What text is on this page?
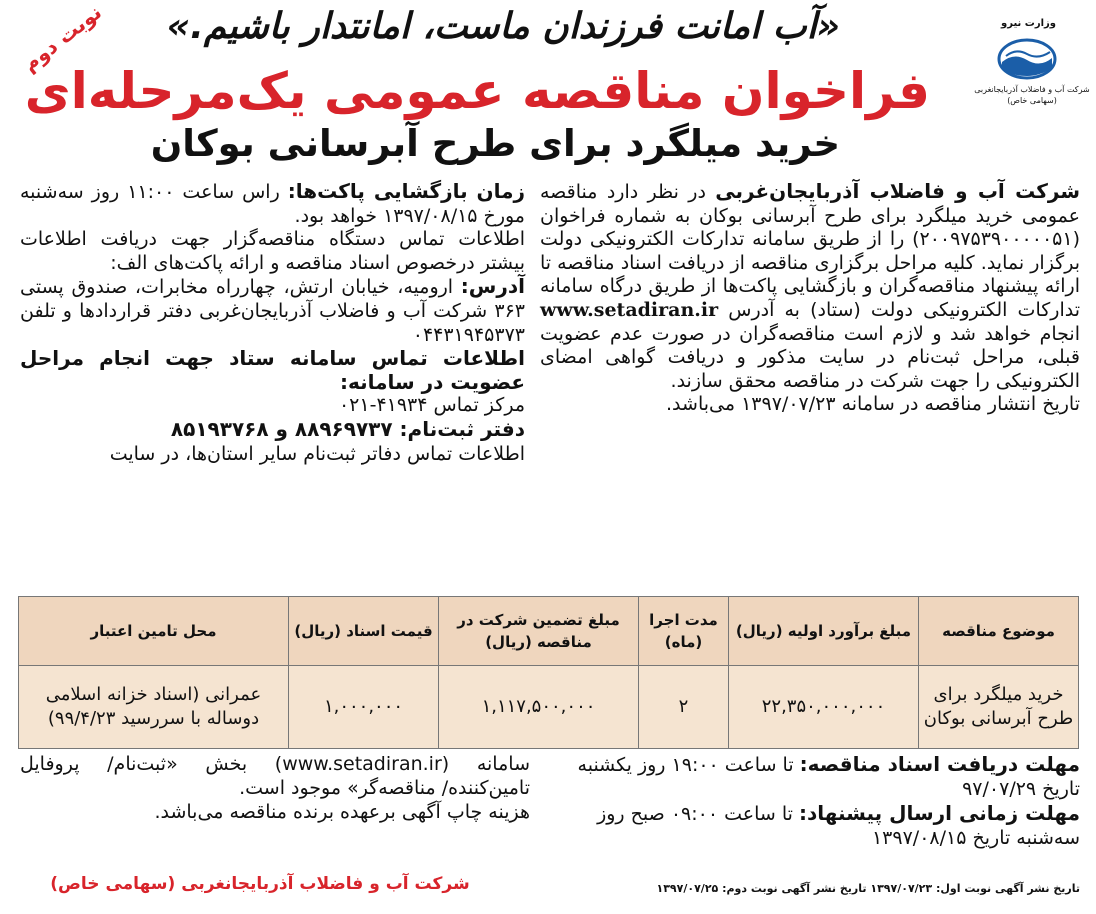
وزارت نیرو
شرکت آب و فاضلاب آذربایجانغربی
(سهامی خاص)
«آب امانت فرزندان ماست، امانتدار باشیم.»
نوبت دوم
فراخوان مناقصه عمومی یک‌مرحله‌ای
خرید میلگرد برای طرح آبرسانی بوکان

شرکت آب و فاضلاب آذربایجان‌غربی در نظر دارد مناقصه عمومی خرید میلگرد برای طرح آبرسانی بوکان به شماره فراخوان (۲۰۰۹۷۵۳۹۰۰۰۰۰۵۱) را از طریق سامانه تدارکات الکترونیکی دولت برگزار نماید. کلیه مراحل برگزاری مناقصه از دریافت اسناد مناقصه تا ارائه پیشنهاد مناقصه‌گران و بازگشایی پاکت‌ها از طریق درگاه سامانه تدارکات الکترونیکی دولت (ستاد) به آدرس www.setadiran.ir انجام خواهد شد و لازم است مناقصه‌گران در صورت عدم عضویت قبلی، مراحل ثبت‌نام در سایت مذکور و دریافت گواهی امضای الکترونیکی را جهت شرکت در مناقصه محقق سازند.

تاریخ انتشار مناقصه در سامانه ۱۳۹۷/۰۷/۲۳ می‌باشد.

زمان بازگشایی پاکت‌ها: راس ساعت ۱۱:۰۰ روز سه‌شنبه مورخ ۱۳۹۷/۰۸/۱۵ خواهد بود.

اطلاعات تماس دستگاه مناقصه‌گزار جهت دریافت اطلاعات بیشتر درخصوص اسناد مناقصه و ارائه پاکت‌های الف:

آدرس: ارومیه، خیابان ارتش، چهارراه مخابرات، صندوق پستی ۳۶۳ شرکت آب و فاضلاب آذربایجان‌غربی دفتر قراردادها و تلفن ۰۴۴۳۱۹۴۵۳۷۳

اطلاعات تماس سامانه ستاد جهت انجام مراحل عضویت در سامانه:

مرکز تماس ۴۱۹۳۴-۰۲۱

دفتر ثبت‌نام: ۸۸۹۶۹۷۳۷ و ۸۵۱۹۳۷۶۸

اطلاعات تماس دفاتر ثبت‌نام سایر استان‌ها، در سایت

موضوع مناقصه	مبلغ برآورد اولیه (ریال)	مدت اجرا (ماه)	مبلغ تضمین شرکت در مناقصه (ریال)	قیمت اسناد (ریال)	محل تامین اعتبار
خرید میلگرد برای طرح آبرسانی بوکان	۲۲,۳۵۰,۰۰۰,۰۰۰	۲	۱,۱۱۷,۵۰۰,۰۰۰	۱,۰۰۰,۰۰۰	عمرانی (اسناد خزانه اسلامی دوساله با سررسید ۹۹/۴/۲۳)

مهلت دریافت اسناد مناقصه: تا ساعت ۱۹:۰۰ روز یکشنبه تاریخ ۹۷/۰۷/۲۹

مهلت زمانی ارسال پیشنهاد: تا ساعت ۰۹:۰۰ صبح روز سه‌شنبه تاریخ ۱۳۹۷/۰۸/۱۵

سامانه (www.setadiran.ir) بخش «ثبت‌نام/ پروفایل تامین‌کننده/ مناقصه‌گر» موجود است.

هزینه چاپ آگهی برعهده برنده مناقصه می‌باشد.

تاریخ نشر آگهی نوبت اول: ۱۳۹۷/۰۷/۲۳ تاریخ نشر آگهی نوبت دوم: ۱۳۹۷/۰۷/۲۵
شرکت آب و فاضلاب آذربایجانغربی (سهامی خاص)
